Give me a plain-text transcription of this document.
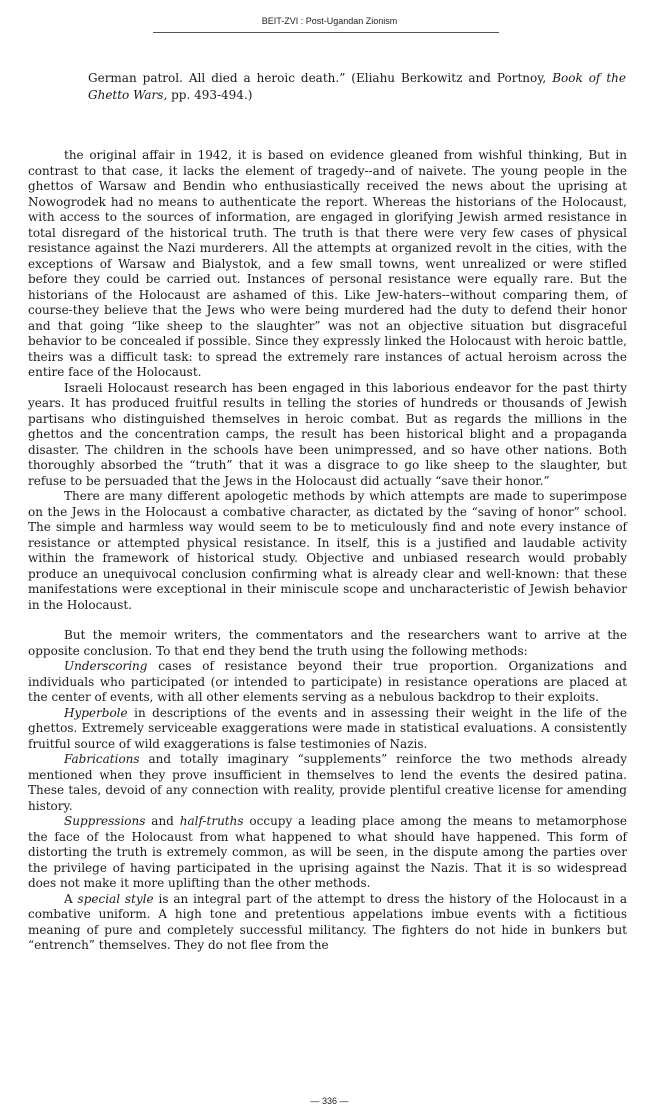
BEIT-ZVI : Post-Ugandan Zionism
German patrol. All died a heroic death.” (Eliahu Berkowitz and Portnoy, Book of the Ghetto Wars, pp. 493-494.)

the original affair in 1942, it is based on evidence gleaned from wishful thinking, But in contrast to that case, it lacks the element of tragedy--and of naivete. The young people in the ghettos of Warsaw and Bendin who enthusiastically received the news about the uprising at Nowogrodek had no means to authenticate the report. Whereas the historians of the Holocaust, with access to the sources of information, are engaged in glorifying Jewish armed resistance in total disregard of the historical truth. The truth is that there were very few cases of physical resistance against the Nazi murderers. All the attempts at organized revolt in the cities, with the exceptions of Warsaw and Bialystok, and a few small towns, went unrealized or were stifled before they could be carried out. Instances of personal resistance were equally rare. But the historians of the Holocaust are ashamed of this. Like Jew-haters--without comparing them, of course-they believe that the Jews who were being murdered had the duty to defend their honor and that going “like sheep to the slaughter” was not an objective situation but disgraceful behavior to be concealed if possible. Since they expressly linked the Holocaust with heroic battle, theirs was a difficult task: to spread the extremely rare instances of actual heroism across the entire face of the Holocaust.

Israeli Holocaust research has been engaged in this laborious endeavor for the past thirty years. It has produced fruitful results in telling the stories of hundreds or thousands of Jewish partisans who distinguished themselves in heroic combat. But as regards the millions in the ghettos and the concentration camps, the result has been historical blight and a propaganda disaster. The children in the schools have been unimpressed, and so have other nations. Both thoroughly absorbed the “truth” that it was a disgrace to go like sheep to the slaughter, but refuse to be persuaded that the Jews in the Holocaust did actually “save their honor.”

There are many different apologetic methods by which attempts are made to superimpose on the Jews in the Holocaust a combative character, as dictated by the “saving of honor” school. The simple and harmless way would seem to be to meticulously find and note every instance of resistance or attempted physical resistance. In itself, this is a justified and laudable activity within the framework of historical study. Objective and unbiased research would probably produce an unequivocal conclusion confirming what is already clear and well-known: that these manifestations were exceptional in their miniscule scope and uncharacteristic of Jewish behavior in the Holocaust.

But the memoir writers, the commentators and the researchers want to arrive at the opposite conclusion. To that end they bend the truth using the following methods:

Underscoring cases of resistance beyond their true proportion. Organizations and individuals who participated (or intended to participate) in resistance operations are placed at the center of events, with all other elements serving as a nebulous backdrop to their exploits.

Hyperbole in descriptions of the events and in assessing their weight in the life of the ghettos. Extremely serviceable exaggerations were made in statistical evaluations. A consistently fruitful source of wild exaggerations is false testimonies of Nazis.

Fabrications and totally imaginary “supplements” reinforce the two methods already mentioned when they prove insufficient in themselves to lend the events the desired patina. These tales, devoid of any connection with reality, provide plentiful creative license for amending history.

Suppressions and half-truths occupy a leading place among the means to metamorphose the face of the Holocaust from what happened to what should have happened. This form of distorting the truth is extremely common, as will be seen, in the dispute among the parties over the privilege of having participated in the uprising against the Nazis. That it is so widespread does not make it more uplifting than the other methods.

A special style is an integral part of the attempt to dress the history of the Holocaust in a combative uniform. A high tone and pretentious appelations imbue events with a fictitious meaning of pure and completely successful militancy. The fighters do not hide in bunkers but “entrench” themselves. They do not flee from the

— 336 —
